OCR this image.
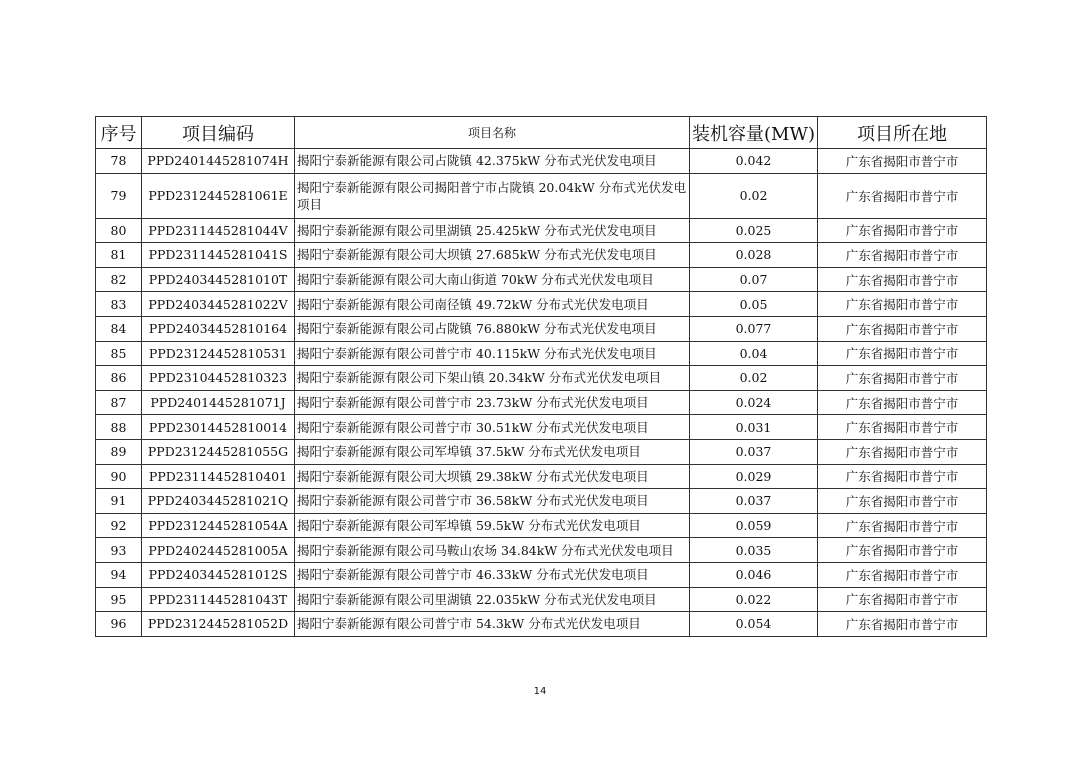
序号	项目编码	项目名称	装机容量(MW)	项目所在地
78	PPD2401445281074H	揭阳宁泰新能源有限公司占陇镇 42.375kW 分布式光伏发电项目	0.042	广东省揭阳市普宁市
79	PPD2312445281061E	揭阳宁泰新能源有限公司揭阳普宁市占陇镇 20.04kW 分布式光伏发电项目	0.02	广东省揭阳市普宁市
80	PPD2311445281044V	揭阳宁泰新能源有限公司里湖镇 25.425kW 分布式光伏发电项目	0.025	广东省揭阳市普宁市
81	PPD2311445281041S	揭阳宁泰新能源有限公司大坝镇 27.685kW 分布式光伏发电项目	0.028	广东省揭阳市普宁市
82	PPD2403445281010T	揭阳宁泰新能源有限公司大南山街道 70kW 分布式光伏发电项目	0.07	广东省揭阳市普宁市
83	PPD2403445281022V	揭阳宁泰新能源有限公司南径镇 49.72kW 分布式光伏发电项目	0.05	广东省揭阳市普宁市
84	PPD24034452810164	揭阳宁泰新能源有限公司占陇镇 76.880kW 分布式光伏发电项目	0.077	广东省揭阳市普宁市
85	PPD23124452810531	揭阳宁泰新能源有限公司普宁市 40.115kW 分布式光伏发电项目	0.04	广东省揭阳市普宁市
86	PPD23104452810323	揭阳宁泰新能源有限公司下架山镇 20.34kW 分布式光伏发电项目	0.02	广东省揭阳市普宁市
87	PPD2401445281071J	揭阳宁泰新能源有限公司普宁市 23.73kW 分布式光伏发电项目	0.024	广东省揭阳市普宁市
88	PPD23014452810014	揭阳宁泰新能源有限公司普宁市 30.51kW 分布式光伏发电项目	0.031	广东省揭阳市普宁市
89	PPD2312445281055G	揭阳宁泰新能源有限公司军埠镇 37.5kW 分布式光伏发电项目	0.037	广东省揭阳市普宁市
90	PPD23114452810401	揭阳宁泰新能源有限公司大坝镇 29.38kW 分布式光伏发电项目	0.029	广东省揭阳市普宁市
91	PPD2403445281021Q	揭阳宁泰新能源有限公司普宁市 36.58kW 分布式光伏发电项目	0.037	广东省揭阳市普宁市
92	PPD2312445281054A	揭阳宁泰新能源有限公司军埠镇 59.5kW 分布式光伏发电项目	0.059	广东省揭阳市普宁市
93	PPD2402445281005A	揭阳宁泰新能源有限公司马鞍山农场 34.84kW 分布式光伏发电项目	0.035	广东省揭阳市普宁市
94	PPD2403445281012S	揭阳宁泰新能源有限公司普宁市 46.33kW 分布式光伏发电项目	0.046	广东省揭阳市普宁市
95	PPD2311445281043T	揭阳宁泰新能源有限公司里湖镇 22.035kW 分布式光伏发电项目	0.022	广东省揭阳市普宁市
96	PPD2312445281052D	揭阳宁泰新能源有限公司普宁市 54.3kW 分布式光伏发电项目	0.054	广东省揭阳市普宁市
14
